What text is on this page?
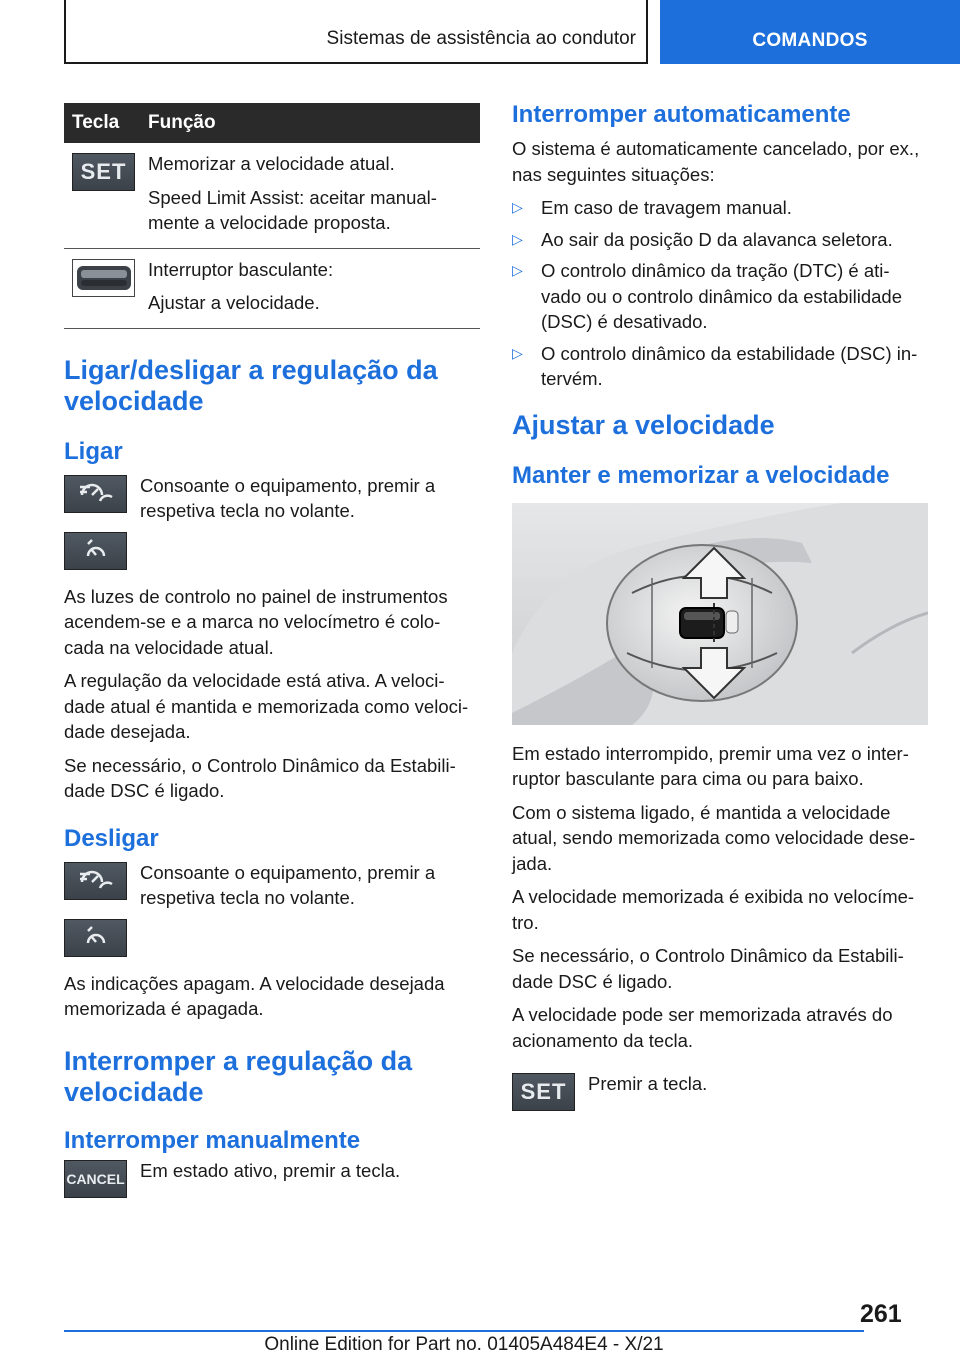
Sistemas de assistência ao condutor	COMANDOS
Tecla	Função

SET	Memorizar a velocidade atual.

Speed Limit Assist: aceitar manual-mente a velocidade proposta.

Interruptor basculante:

Ajustar a velocidade.

Ligar/desligar a regulação da velocidade
Ligar
Consoante o equipamento, premir a respetiva tecla no volante.

As luzes de controlo no painel de instrumentos acendem-se e a marca no velocímetro é colo-cada na velocidade atual.

A regulação da velocidade está ativa. A veloci-dade atual é mantida e memorizada como veloci-dade desejada.

Se necessário, o Controlo Dinâmico da Estabili-dade DSC é ligado.

Desligar
Consoante o equipamento, premir a respetiva tecla no volante.

As indicações apagam. A velocidade desejada memorizada é apagada.

Interromper a regulação da velocidade
Interromper manualmente
CANCEL Em estado ativo, premir a tecla.
Interromper automaticamente

O sistema é automaticamente cancelado, por ex., nas seguintes situações:

▷ Em caso de travagem manual.
▷ Ao sair da posição D da alavanca seletora.
▷ O controlo dinâmico da tração (DTC) é ati-vado ou o controlo dinâmico da estabilidade (DSC) é desativado.
▷ O controlo dinâmico da estabilidade (DSC) in-tervém.
Ajustar a velocidade
Manter e memorizar a velocidade

Em estado interrompido, premir uma vez o inter-ruptor basculante para cima ou para baixo.

Com o sistema ligado, é mantida a velocidade atual, sendo memorizada como velocidade dese-jada.

A velocidade memorizada é exibida no velocíme-tro.

Se necessário, o Controlo Dinâmico da Estabili-dade DSC é ligado.

A velocidade pode ser memorizada através do acionamento da tecla.

SET	Premir a tecla.
261
Online Edition for Part no. 01405A484E4 - X/21
